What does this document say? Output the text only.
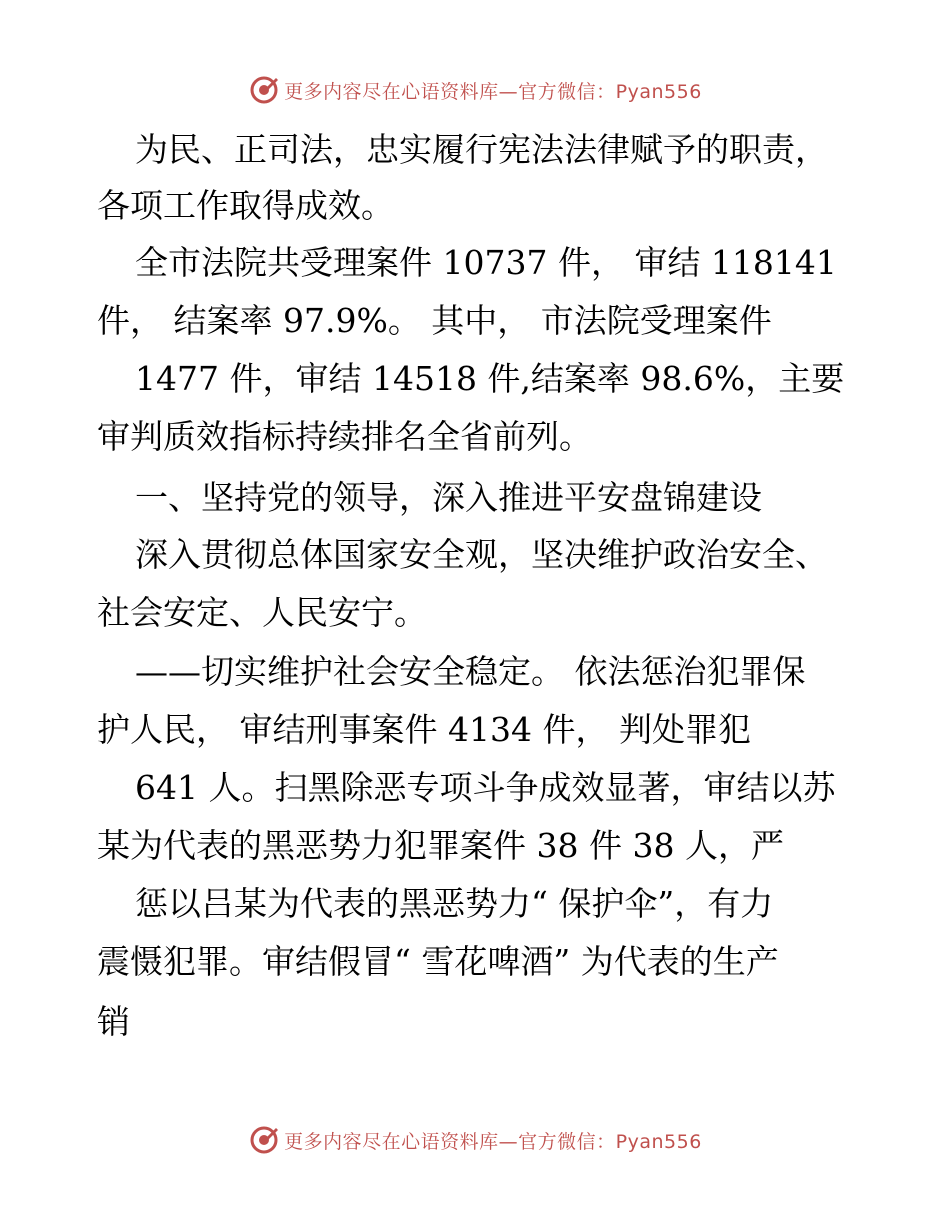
更多内容尽在心语资料库—官方微信：Pyan556
为民、正司法，忠实履行宪法法律赋予的职责，
各项工作取得成效。
全市法院共受理案件 10737 件， 审结 118141
件， 结案率 97.9%。 其中， 市法院受理案件
1477 件，审结 14518 件,结案率 98.6%，主要
审判质效指标持续排名全省前列。
一、坚持党的领导，深入推进平安盘锦建设
深入贯彻总体国家安全观，坚决维护政治安全、
社会安定、人民安宁。
——切实维护社会安全稳定。 依法惩治犯罪保
护人民， 审结刑事案件 4134 件， 判处罪犯
641 人。扫黑除恶专项斗争成效显著，审结以苏
某为代表的黑恶势力犯罪案件 38 件 38 人，严
惩以吕某为代表的黑恶势力“ 保护伞”，有力
震慑犯罪。审结假冒“ 雪花啤酒” 为代表的生产
销
更多内容尽在心语资料库—官方微信：Pyan556
